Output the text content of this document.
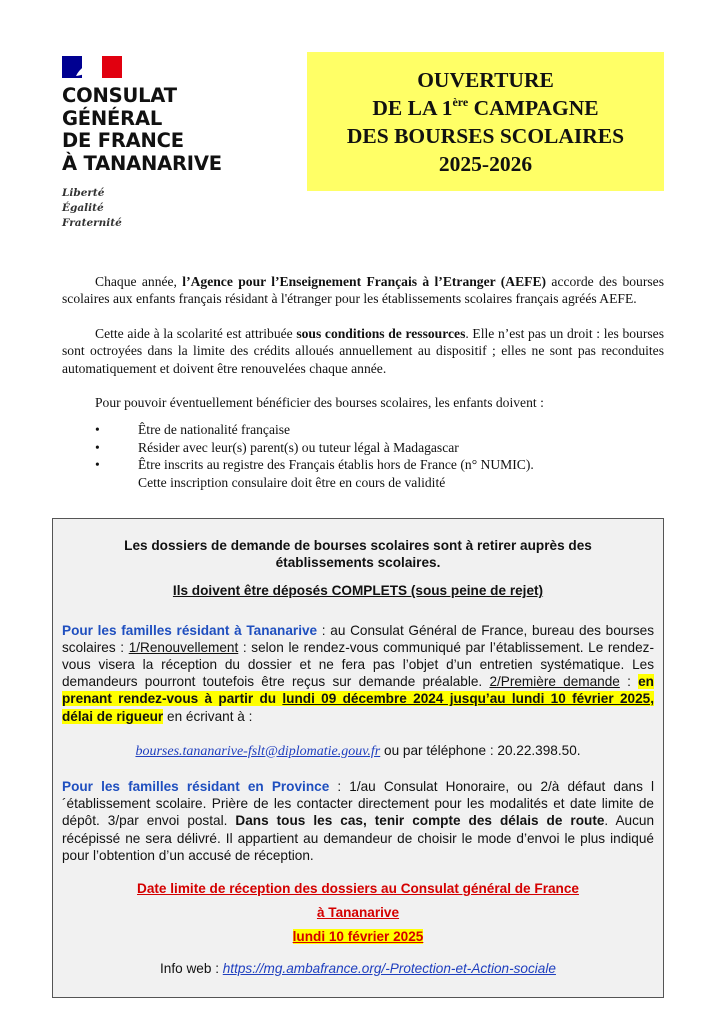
CONSULAT
GÉNÉRAL
DE FRANCE
À TANANARIVE
Liberté
Égalité
Fraternité
OUVERTURE
DE LA 1ère CAMPAGNE
DES BOURSES SCOLAIRES
2025-2026

Chaque année, l’Agence pour l’Enseignement Français à l’Etranger (AEFE) accorde des bourses scolaires aux enfants français résidant à l'étranger pour les établissements scolaires français agréés AEFE.

Cette aide à la scolarité est attribuée sous conditions de ressources. Elle n’est pas un droit : les bourses sont octroyées dans la limite des crédits alloués annuellement au dispositif ; elles ne sont pas reconduites automatiquement et doivent être renouvelées chaque année.

Pour pouvoir éventuellement bénéficier des bourses scolaires, les enfants doivent :

•	Être de nationalité française
•	Résider avec leur(s) parent(s) ou tuteur légal à Madagascar
•	Être inscrits au registre des Français établis hors de France (n° NUMIC).
Cette inscription consulaire doit être en cours de validité
Les dossiers de demande de bourses scolaires sont à retirer auprès des
établissements scolaires.
Ils doivent être déposés COMPLETS (sous peine de rejet)

Pour les familles résidant à Tananarive : au Consulat Général de France, bureau des bourses scolaires : 1/Renouvellement : selon le rendez-vous communiqué par l’établissement. Le rendez-vous visera la réception du dossier et ne fera pas l’objet d’un entretien systématique. Les demandeurs pourront toutefois être reçus sur demande préalable. 2/Première demande : en prenant rendez-vous à partir du lundi 09 décembre 2024 jusqu’au lundi 10 février 2025, délai de rigueur en écrivant à :

bourses.tananarive-fslt@diplomatie.gouv.fr ou par téléphone : 20.22.398.50.

Pour les familles résidant en Province : 1/au Consulat Honoraire, ou 2/à défaut dans l´établissement scolaire. Prière de les contacter directement pour les modalités et date limite de dépôt. 3/par envoi postal. Dans tous les cas, tenir compte des délais de route. Aucun récépissé ne sera délivré. Il appartient au demandeur de choisir le mode d’envoi le plus indiqué pour l’obtention d’un accusé de réception.

Date limite de réception des dossiers au Consulat général de France
à Tananarive
lundi 10 février 2025
Info web : https://mg.ambafrance.org/-Protection-et-Action-sociale
